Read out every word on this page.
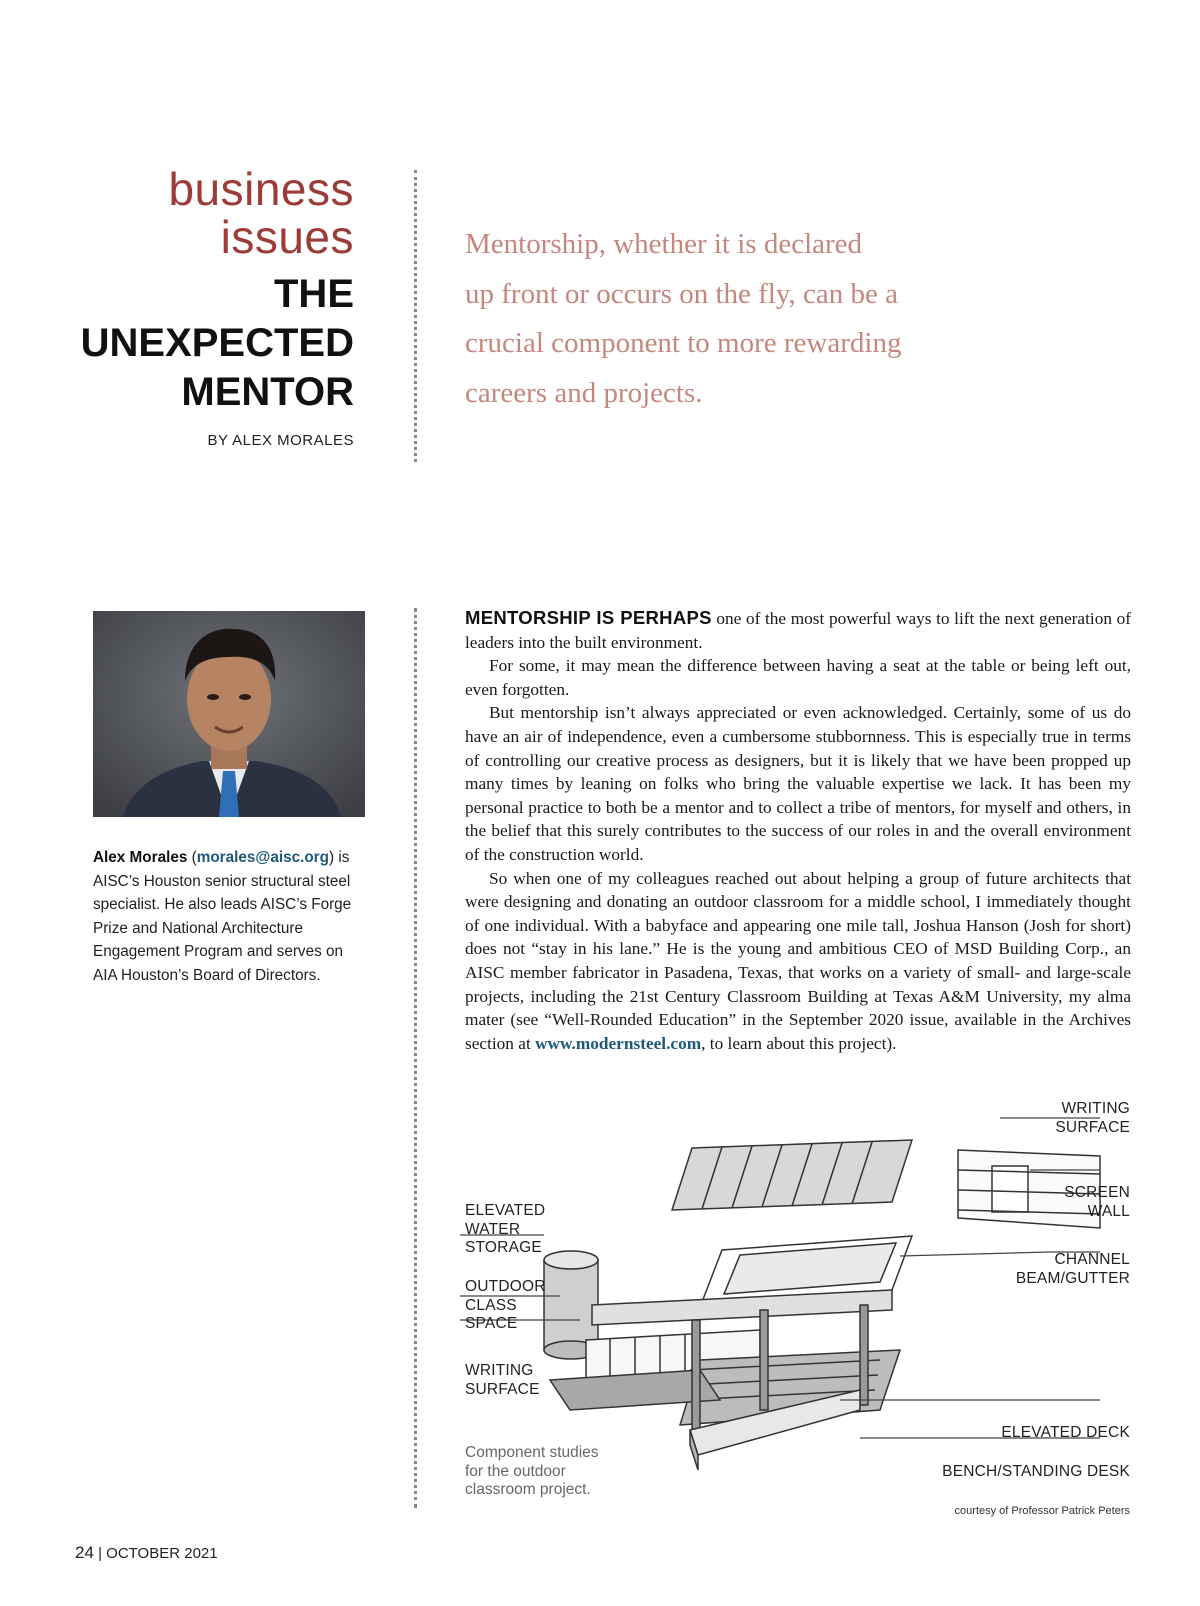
business
issues
THE
UNEXPECTED
MENTOR
BY ALEX MORALES
Mentorship, whether it is declared
up front or occurs on the fly, can be a
crucial component to more rewarding
careers and projects.
Alex Morales (morales@aisc.org) is AISC’s Houston senior structural steel specialist. He also leads AISC’s Forge Prize and National Architecture Engagement Program and serves on AIA Houston’s Board of Directors.

MENTORSHIP IS PERHAPS one of the most powerful ways to lift the next generation of leaders into the built environment.

For some, it may mean the difference between having a seat at the table or being left out, even forgotten.

But mentorship isn’t always appreciated or even acknowledged. Certainly, some of us do have an air of independence, even a cumbersome stubbornness. This is especially true in terms of controlling our creative process as designers, but it is likely that we have been propped up many times by leaning on folks who bring the valuable expertise we lack. It has been my personal practice to both be a mentor and to collect a tribe of mentors, for myself and others, in the belief that this surely contributes to the success of our roles in and the overall environment of the construction world.

So when one of my colleagues reached out about helping a group of future architects that were designing and donating an outdoor classroom for a middle school, I immediately thought of one individual. With a babyface and appearing one mile tall, Joshua Hanson (Josh for short) does not “stay in his lane.” He is the young and ambitious CEO of MSD Building Corp., an AISC member fabricator in Pasadena, Texas, that works on a variety of small- and large-scale projects, including the 21st Century Classroom Building at Texas A&M University, my alma mater (see “Well-Rounded Education” in the September 2020 issue, available in the Archives section at www.modernsteel.com, to learn about this project).

ELEVATED
WATER
STORAGE
OUTDOOR
CLASS
SPACE
WRITING
SURFACE
WRITING
SURFACE
SCREEN
WALL
CHANNEL
BEAM/GUTTER
ELEVATED DECK
BENCH/STANDING DESK
Component studies
for the outdoor
classroom project.
courtesy of Professor Patrick Peters
24 | OCTOBER 2021
